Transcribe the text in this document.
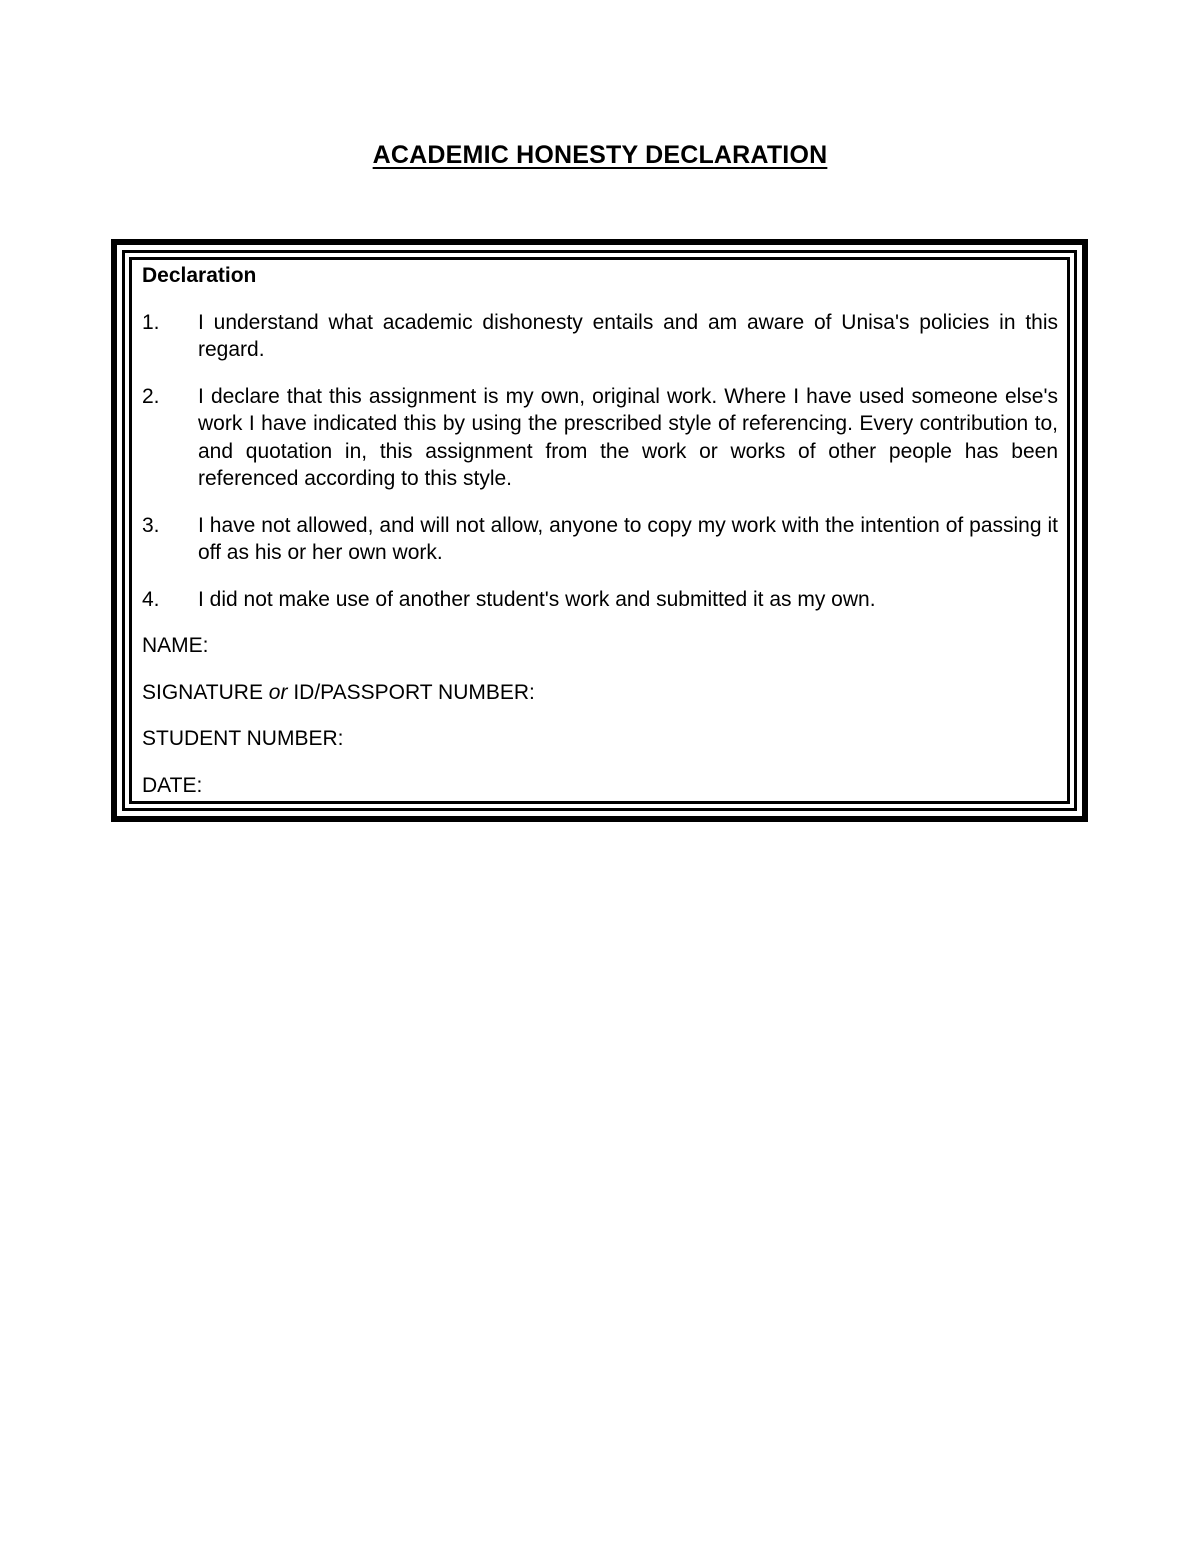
ACADEMIC HONESTY DECLARATION
Declaration
1.	I understand what academic dishonesty entails and am aware of Unisa's policies in this regard.
2.	I declare that this assignment is my own, original work. Where I have used someone else's work I have indicated this by using the prescribed style of referencing. Every contribution to, and quotation in, this assignment from the work or works of other people has been referenced according to this style.
3.	I have not allowed, and will not allow, anyone to copy my work with the intention of passing it off as his or her own work.
4.	I did not make use of another student's work and submitted it as my own.
NAME:
SIGNATURE or ID/PASSPORT NUMBER:
STUDENT NUMBER:
DATE:
